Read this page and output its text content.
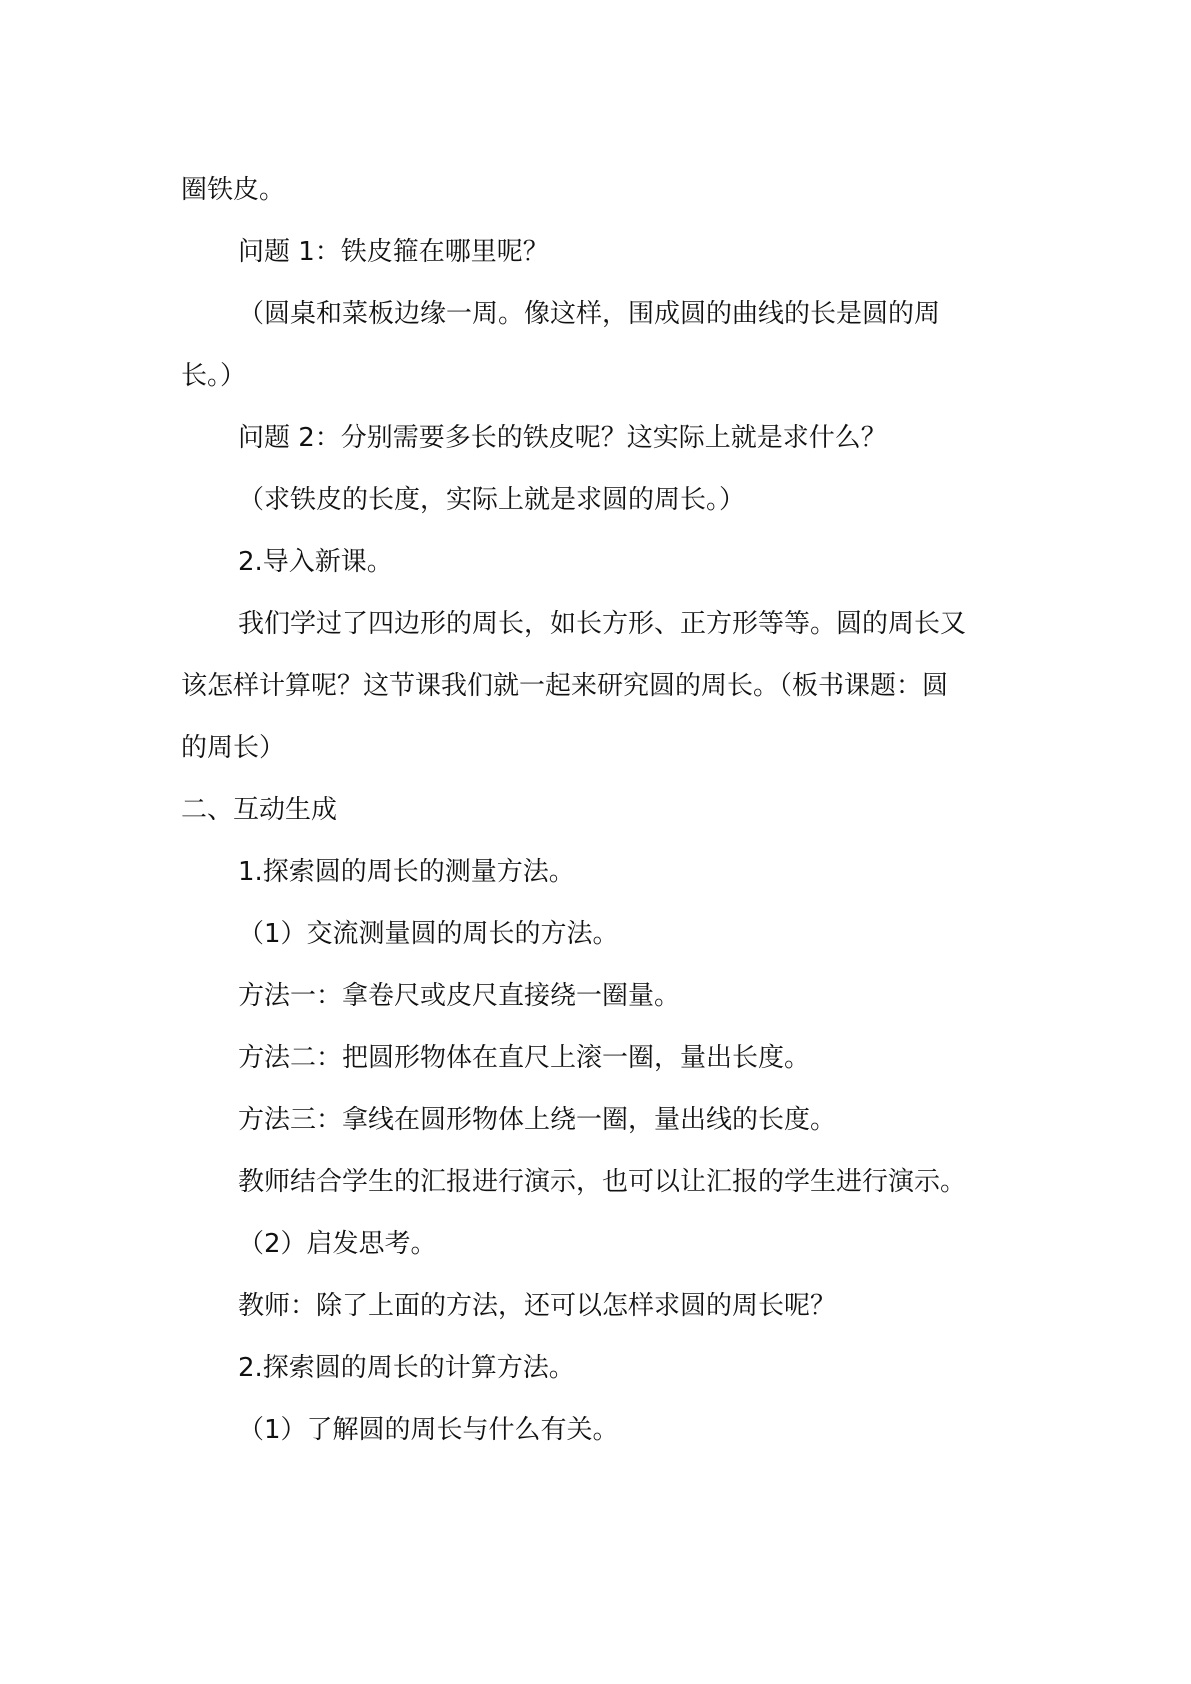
圈铁皮。
问题 1：铁皮箍在哪里呢？
（圆桌和菜板边缘一周。像这样，围成圆的曲线的长是圆的周
长。）
问题 2：分别需要多长的铁皮呢？这实际上就是求什么？
（求铁皮的长度，实际上就是求圆的周长。）
2.导入新课。
我们学过了四边形的周长，如长方形、正方形等等。圆的周长又
该怎样计算呢？这节课我们就一起来研究圆的周长。（板书课题：圆
的周长）
二、互动生成
1.探索圆的周长的测量方法。
（1）交流测量圆的周长的方法。
方法一：拿卷尺或皮尺直接绕一圈量。
方法二：把圆形物体在直尺上滚一圈，量出长度。
方法三：拿线在圆形物体上绕一圈，量出线的长度。
教师结合学生的汇报进行演示，也可以让汇报的学生进行演示。
（2）启发思考。
教师：除了上面的方法，还可以怎样求圆的周长呢？
2.探索圆的周长的计算方法。
（1）了解圆的周长与什么有关。
